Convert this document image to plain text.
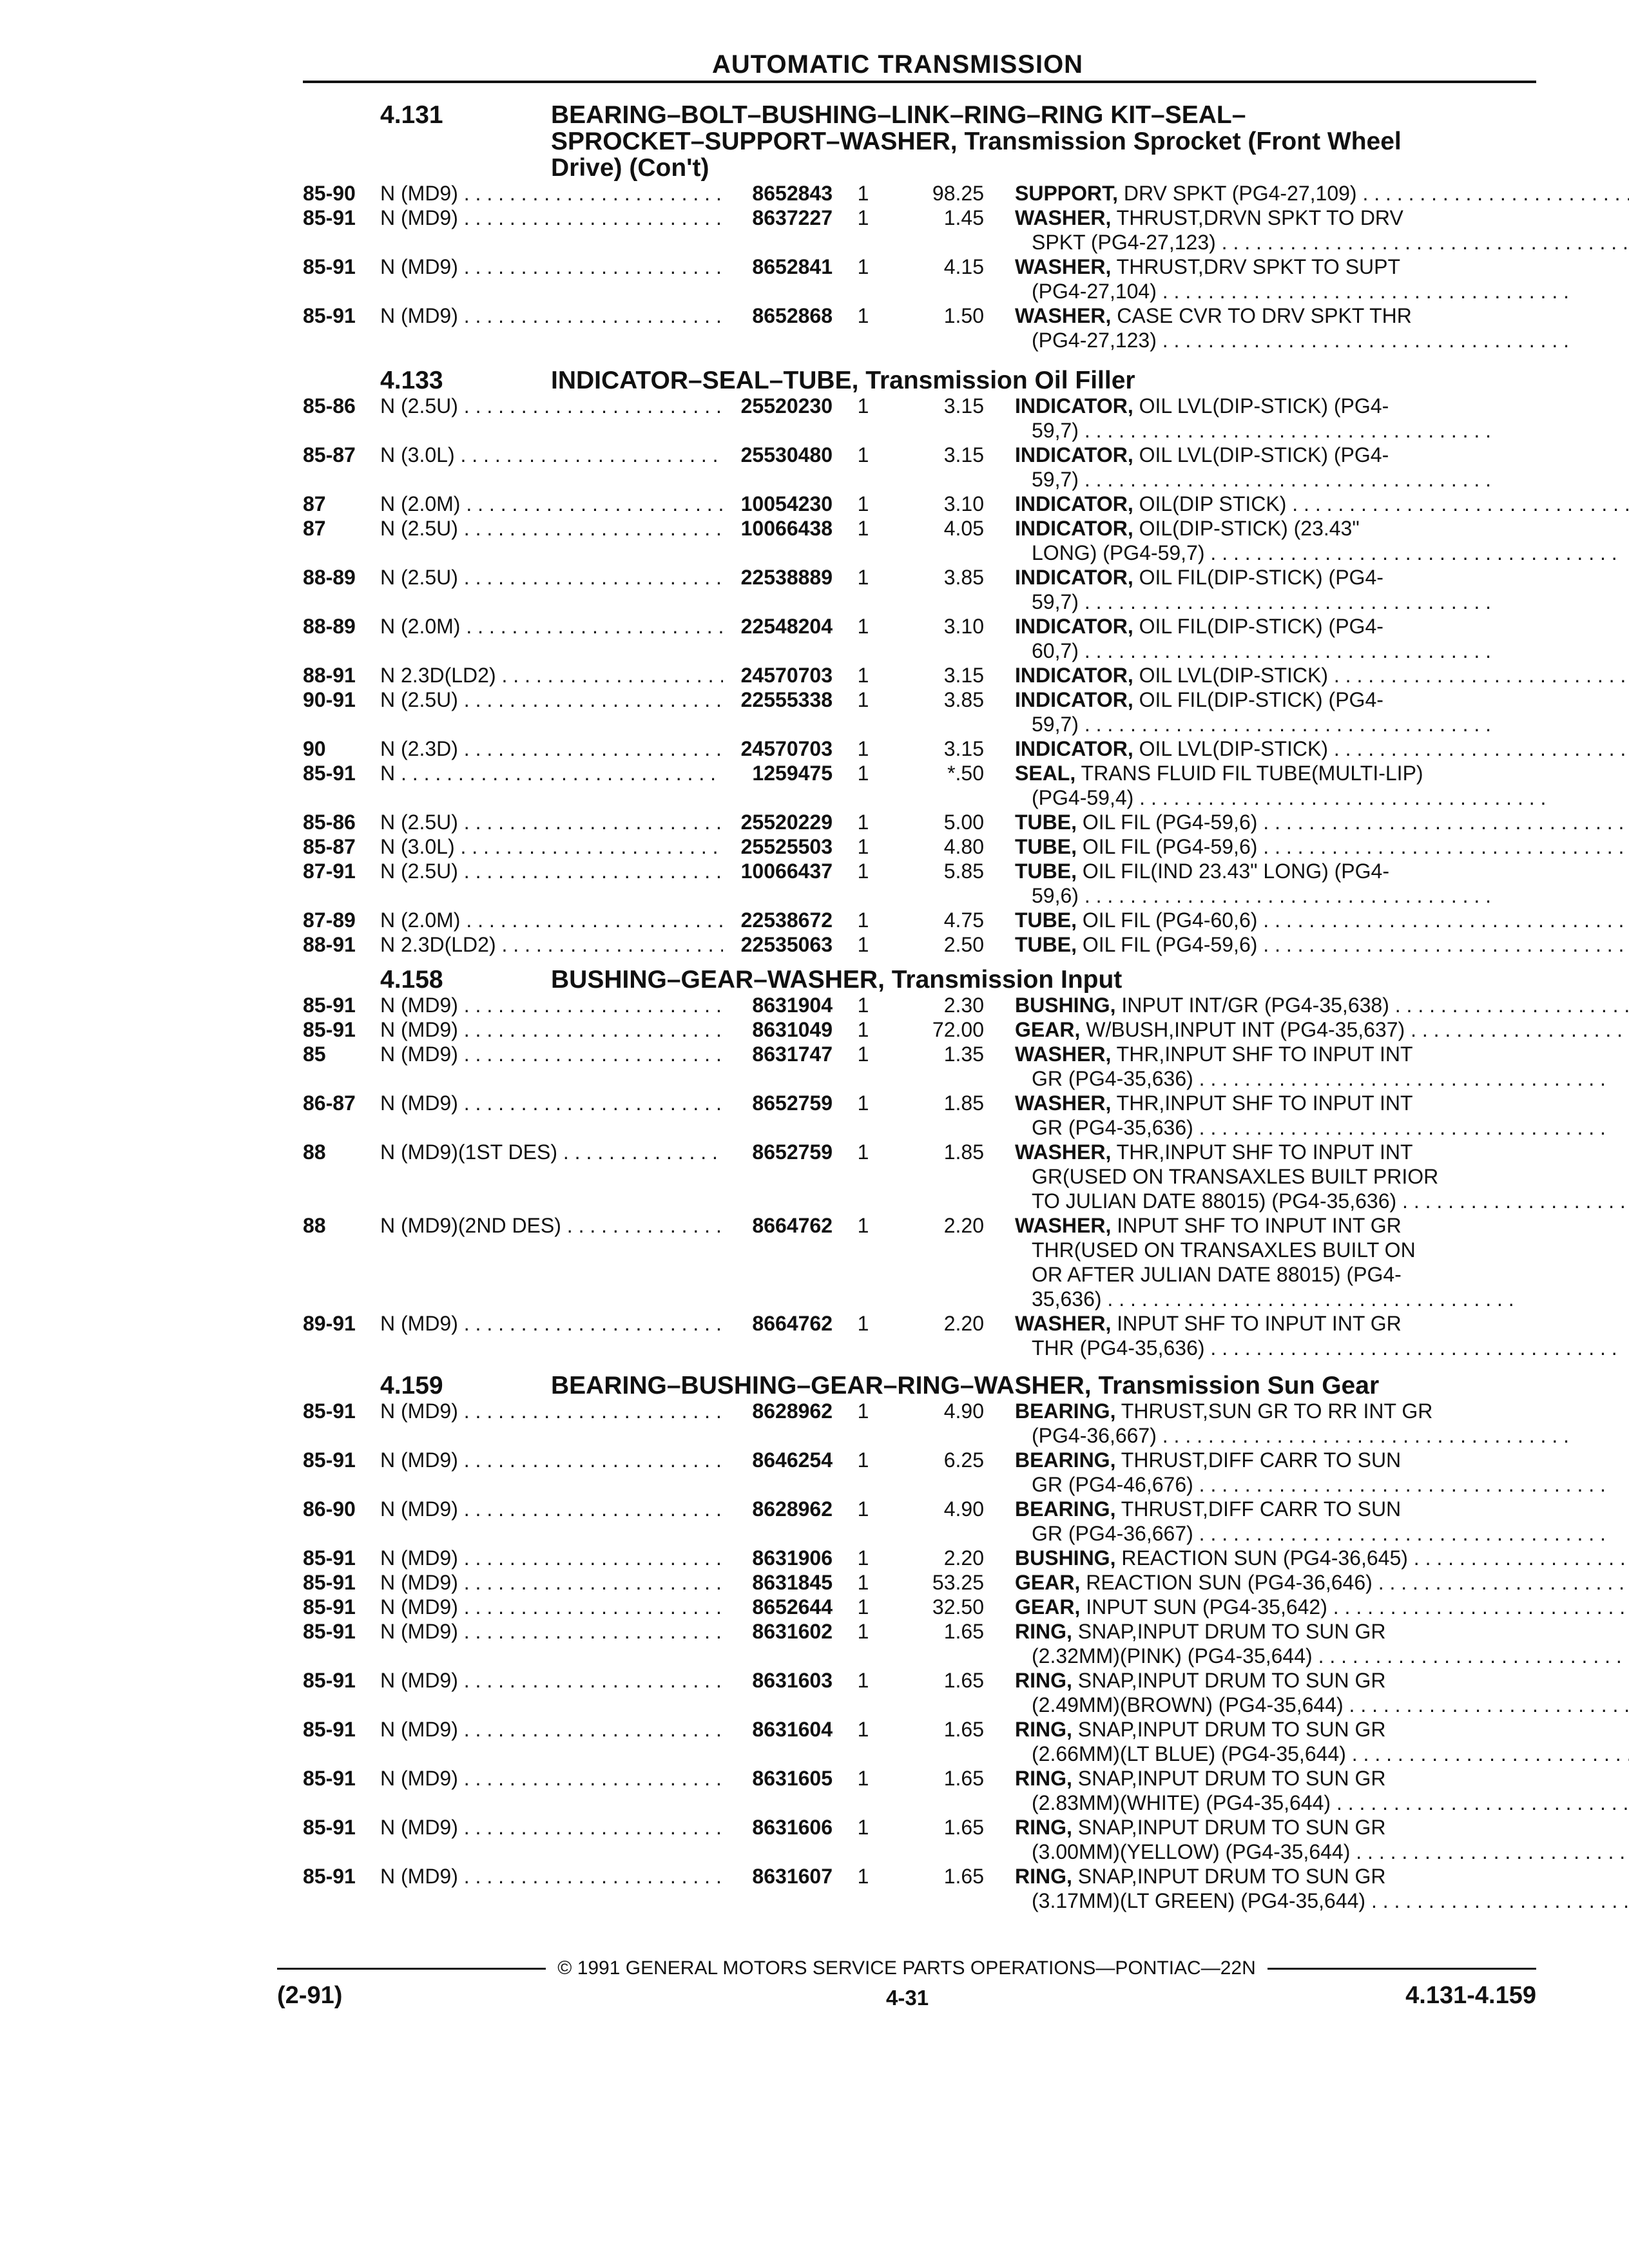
AUTOMATIC TRANSMISSION
4.131	BEARING–BOLT–BUSHING–LINK–RING–RING KIT–SEAL–
SPROCKET–SUPPORT–WASHER, Transmission Sprocket (Front Wheel
Drive) (Con't)
85-90	N (MD9) . . .	8652843	1	98.25 SUPPORT, DRV SPKT (PG4-27,109) . . .
85-91	N (MD9) . . .	8637227	1	1.45 WASHER, THRUST,DRVN SPKT TO DRV
SPKT (PG4-27,123) . . .
85-91	N (MD9) . . .	8652841	1	4.15 WASHER, THRUST,DRV SPKT TO SUPT
(PG4-27,104) . . .
85-91	N (MD9) . . .	8652868	1	1.50 WASHER, CASE CVR TO DRV SPKT THR
(PG4-27,123) . . .
4.133	INDICATOR–SEAL–TUBE, Transmission Oil Filler
85-86	N (2.5U) . . .	25520230	1	3.15 INDICATOR, OIL LVL(DIP-STICK) (PG4-
59,7) . . .
85-87	N (3.0L) . . .	25530480	1	3.15 INDICATOR, OIL LVL(DIP-STICK) (PG4-
59,7) . . .
87	N (2.0M) . . .	10054230	1	3.10 INDICATOR, OIL(DIP STICK) . . .
87	N (2.5U) . . .	10066438	1	4.05 INDICATOR, OIL(DIP-STICK) (23.43"
LONG) (PG4-59,7) . . .
88-89	N (2.5U) . . .	22538889	1	3.85 INDICATOR, OIL FIL(DIP-STICK) (PG4-
59,7) . . .
88-89	N (2.0M) . . .	22548204	1	3.10 INDICATOR, OIL FIL(DIP-STICK) (PG4-
60,7) . . .
88-91	N 2.3D(LD2) . . .	24570703	1	3.15 INDICATOR, OIL LVL(DIP-STICK) . . .
90-91	N (2.5U) . . .	22555338	1	3.85 INDICATOR, OIL FIL(DIP-STICK) (PG4-
59,7) . . .
90	N (2.3D) . . .	24570703	1	3.15 INDICATOR, OIL LVL(DIP-STICK) . . .
85-91	N . . .	1259475	1	*.50 SEAL, TRANS FLUID FIL TUBE(MULTI-LIP)
(PG4-59,4) . . .
85-86	N (2.5U) . . .	25520229	1	5.00 TUBE, OIL FIL (PG4-59,6) . . .
85-87	N (3.0L) . . .	25525503	1	4.80 TUBE, OIL FIL (PG4-59,6) . . .
87-91	N (2.5U) . . .	10066437	1	5.85 TUBE, OIL FIL(IND 23.43" LONG) (PG4-
59,6) . . .
87-89	N (2.0M) . . .	22538672	1	4.75 TUBE, OIL FIL (PG4-60,6) . . .
88-91	N 2.3D(LD2) . . .	22535063	1	2.50 TUBE, OIL FIL (PG4-59,6) . . .
4.158	BUSHING–GEAR–WASHER, Transmission Input
85-91	N (MD9) . . .	8631904	1	2.30 BUSHING, INPUT INT/GR (PG4-35,638) . . .
85-91	N (MD9) . . .	8631049	1	72.00 GEAR, W/BUSH,INPUT INT (PG4-35,637) . . .
85	N (MD9) . . .	8631747	1	1.35 WASHER, THR,INPUT SHF TO INPUT INT
GR (PG4-35,636) . . .
86-87	N (MD9) . . .	8652759	1	1.85 WASHER, THR,INPUT SHF TO INPUT INT
GR (PG4-35,636) . . .
88	N (MD9)(1ST DES) . . .	8652759	1	1.85 WASHER, THR,INPUT SHF TO INPUT INT
GR(USED ON TRANSAXLES BUILT PRIOR
TO JULIAN DATE 88015) (PG4-35,636) . . .
88	N (MD9)(2ND DES) . . .	8664762	1	2.20 WASHER, INPUT SHF TO INPUT INT GR
THR(USED ON TRANSAXLES BUILT ON
OR AFTER JULIAN DATE 88015) (PG4-
35,636) . . .
89-91	N (MD9) . . .	8664762	1	2.20 WASHER, INPUT SHF TO INPUT INT GR
THR (PG4-35,636) . . .
4.159	BEARING–BUSHING–GEAR–RING–WASHER, Transmission Sun Gear
85-91	N (MD9) . . .	8628962	1	4.90 BEARING, THRUST,SUN GR TO RR INT GR
(PG4-36,667) . . .
85-91	N (MD9) . . .	8646254	1	6.25 BEARING, THRUST,DIFF CARR TO SUN
GR (PG4-46,676) . . .
86-90	N (MD9) . . .	8628962	1	4.90 BEARING, THRUST,DIFF CARR TO SUN
GR (PG4-36,667) . . .
85-91	N (MD9) . . .	8631906	1	2.20 BUSHING, REACTION SUN (PG4-36,645) . . .
85-91	N (MD9) . . .	8631845	1	53.25 GEAR, REACTION SUN (PG4-36,646) . . .
85-91	N (MD9) . . .	8652644	1	32.50 GEAR, INPUT SUN (PG4-35,642) . . .
85-91	N (MD9) . . .	8631602	1	1.65 RING, SNAP,INPUT DRUM TO SUN GR
(2.32MM)(PINK) (PG4-35,644) . . .
85-91	N (MD9) . . .	8631603	1	1.65 RING, SNAP,INPUT DRUM TO SUN GR
(2.49MM)(BROWN) (PG4-35,644) . . .
85-91	N (MD9) . . .	8631604	1	1.65 RING, SNAP,INPUT DRUM TO SUN GR
(2.66MM)(LT BLUE) (PG4-35,644) . . .
85-91	N (MD9) . . .	8631605	1	1.65 RING, SNAP,INPUT DRUM TO SUN GR
(2.83MM)(WHITE) (PG4-35,644) . . .
85-91	N (MD9) . . .	8631606	1	1.65 RING, SNAP,INPUT DRUM TO SUN GR
(3.00MM)(YELLOW) (PG4-35,644) . . .
85-91	N (MD9) . . .	8631607	1	1.65 RING, SNAP,INPUT DRUM TO SUN GR
(3.17MM)(LT GREEN) (PG4-35,644) . . .
© 1991 GENERAL MOTORS SERVICE PARTS OPERATIONS—PONTIAC—22N
(2-91)	4-31	4.131-4.159
